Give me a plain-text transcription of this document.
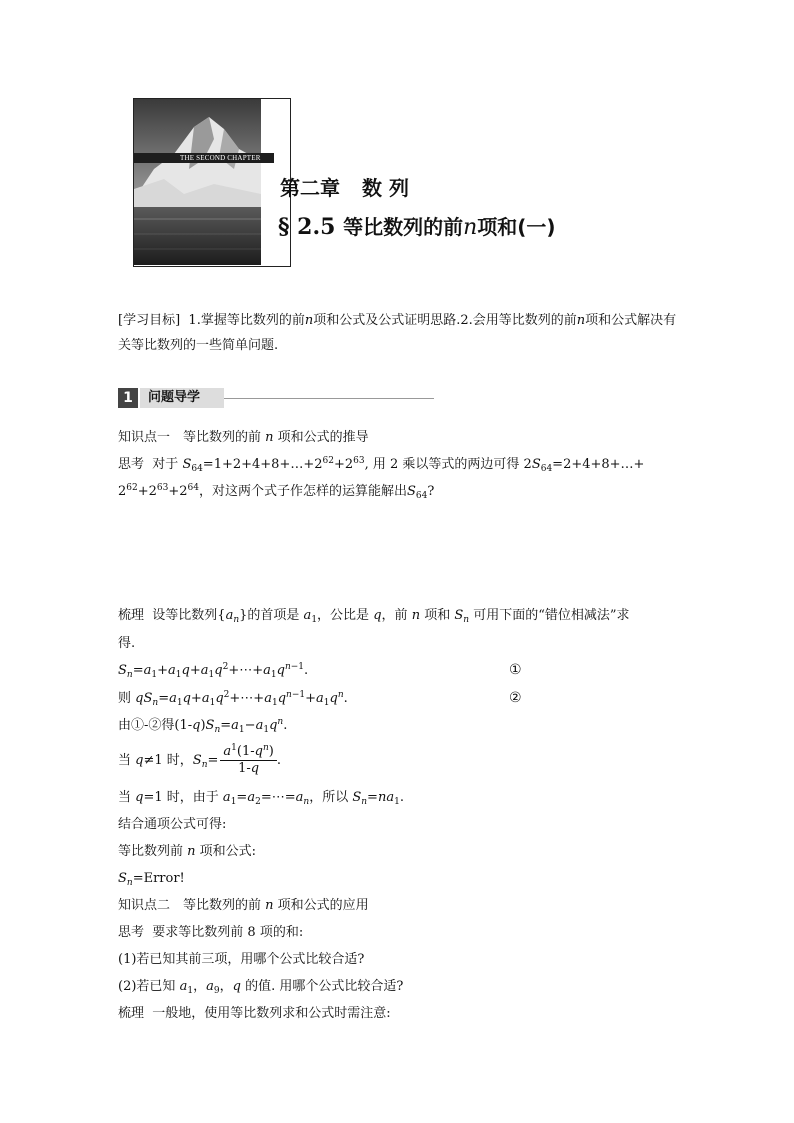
THE SECOND CHAPTER
第二章 数 列
§ 2.5 等比数列的前n项和(一)
[学习目标] 1.掌握等比数列的前n项和公式及公式证明思路.2.会用等比数列的前n项和公式解决有关等比数列的一些简单问题.
1	问题导学
知识点一　等比数列的前 n 项和公式的推导
思考 对于 $S_{64}=1+2+4+8+\dots+2^{62}+2^{63}$, 用 2 乘以等式的两边可得 $2S_{64}=2+4+8+\dots+$
$2^{62}+2^{63}+2^{64}$，对这两个式子作怎样的运算能解出$S_{64}$?
梳理 设等比数列$\{a_n\}$的首项是 $a_1$，公比是 q，前 n 项和 $S_n$ 可用下面的“错位相减法”求
得.
$S_n=a_1+a_1q+a_1q^2+\cdots+a_1q^{n-1}$.	①
则 $qS_n=a_1q+a_1q^2+\cdots+a_1q^{n-1}+a_1q^n$.	②
由①-②得$(1-q)S_n=a_1-a_1q^n$.
当 q≠1 时，$S_n= \frac{a^1(1-q^n)}{1-q}$ .
当 q=1 时，由于 $a_1=a_2=\cdots=a_n$，所以 $S_n=na_1$.
结合通项公式可得:
等比数列前 n 项和公式:
$S_n=Error$!
知识点二　等比数列的前 n 项和公式的应用
思考 要求等比数列前 8 项的和:
(1)若已知其前三项，用哪个公式比较合适?
(2)若已知 $a_1$，$a_9$，q 的值. 用哪个公式比较合适?
梳理 一般地，使用等比数列求和公式时需注意:
